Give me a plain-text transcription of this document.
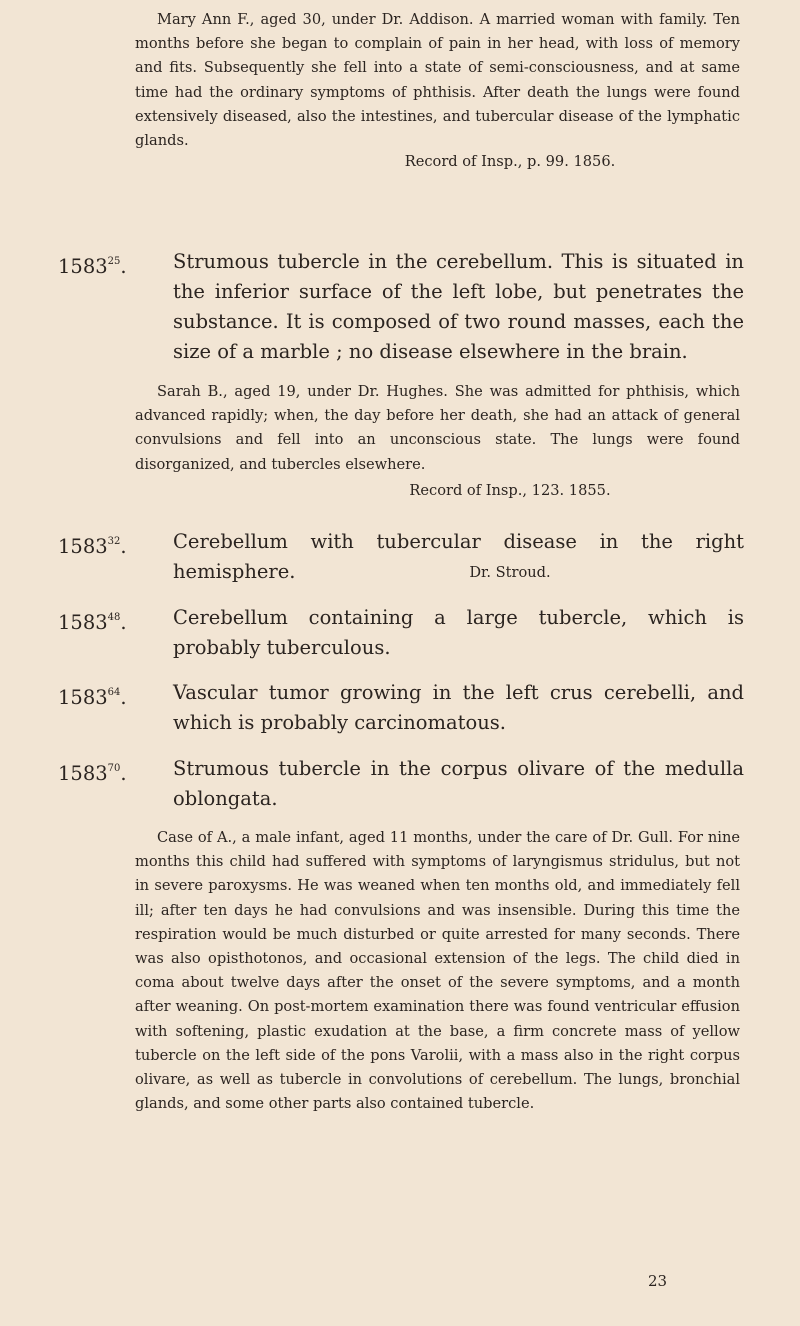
Mary Ann F., aged 30, under Dr. Addison. A married woman with family. Ten months before she began to complain of pain in her head, with loss of memory and fits. Subsequently she fell into a state of semi-consciousness, and at same time had the ordinary symptoms of phthisis. After death the lungs were found extensively diseased, also the intestines, and tubercular disease of the lymphatic glands.

Record of Insp., p. 99. 1856.
1583$^{25}$. Strumous tubercle in the cerebellum. This is situated in the inferior surface of the left lobe, but penetrates the substance. It is composed of two round masses, each the size of a marble ; no disease elsewhere in the brain.

Sarah B., aged 19, under Dr. Hughes. She was admitted for phthisis, which advanced rapidly; when, the day before her death, she had an attack of general convulsions and fell into an unconscious state. The lungs were found disorganized, and tubercles elsewhere.

Record of Insp., 123. 1855.
1583$^{32}$. Cerebellum with tubercular disease in the right hemisphere.	Dr. Stroud.
1583$^{48}$. Cerebellum containing a large tubercle, which is probably tuberculous.
1583$^{64}$. Vascular tumor growing in the left crus cerebelli, and which is probably carcinomatous.
1583$^{70}$. Strumous tubercle in the corpus olivare of the medulla oblongata.

Case of A., a male infant, aged 11 months, under the care of Dr. Gull. For nine months this child had suffered with symptoms of laryngismus stridulus, but not in severe paroxysms. He was weaned when ten months old, and immediately fell ill; after ten days he had convulsions and was insensible. During this time the respiration would be much disturbed or quite arrested for many seconds. There was also opisthotonos, and occasional extension of the legs. The child died in coma about twelve days after the onset of the severe symptoms, and a month after weaning. On post-mortem examination there was found ventricular effusion with softening, plastic exudation at the base, a firm concrete mass of yellow tubercle on the left side of the pons Varolii, with a mass also in the right corpus olivare, as well as tubercle in convolutions of cerebellum. The lungs, bronchial glands, and some other parts also contained tubercle.

23
